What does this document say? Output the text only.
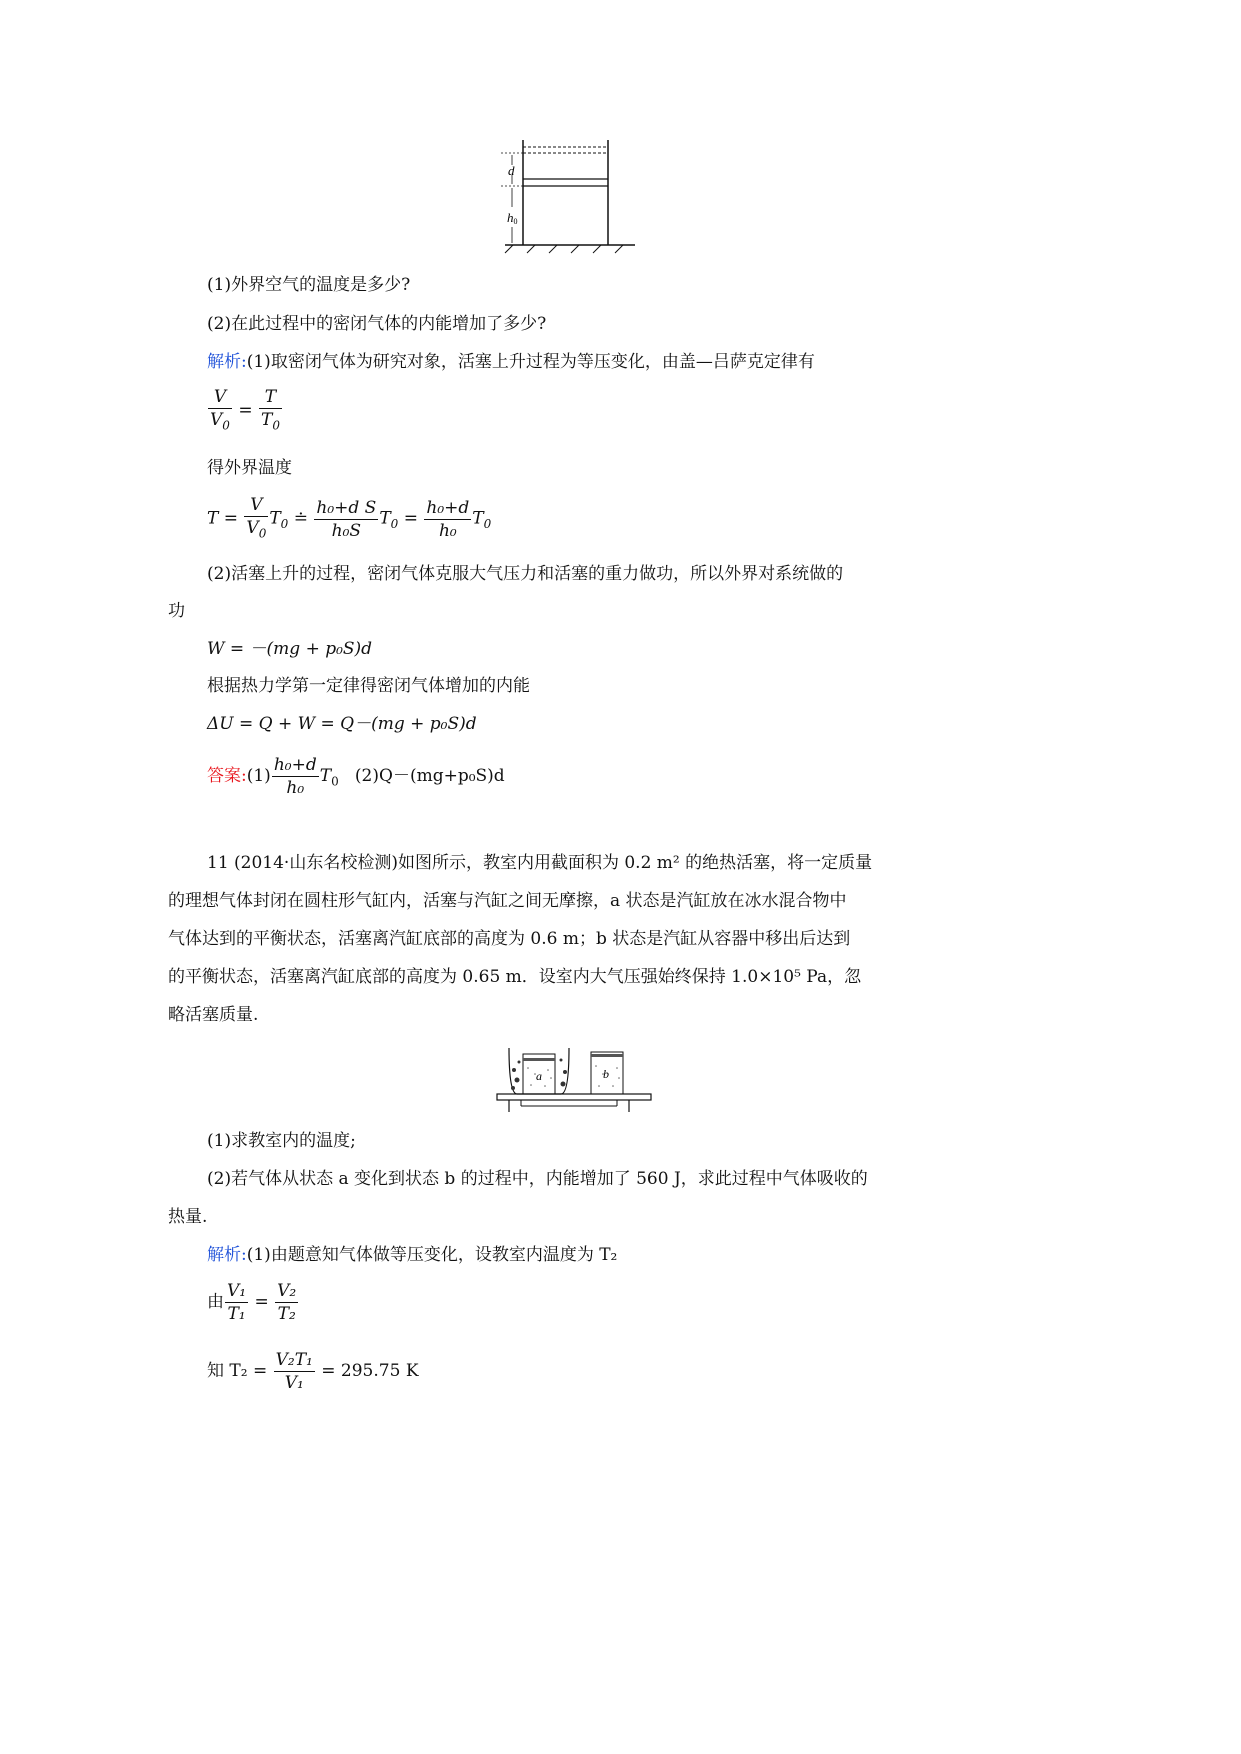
d
h0
(1)外界空气的温度是多少?
(2)在此过程中的密闭气体的内能增加了多少?
解析:(1)取密闭气体为研究对象，活塞上升过程为等压变化，由盖—吕萨克定律有
$\frac{V}{V_0} = \frac{T}{T_0}$
得外界温度
$T = \frac{V}{V_0} T_0$ ≐ $\frac{\text{h₀+d S}}{\text{h₀S}} T_0 = \frac{\text{h₀+d}}{\text{h₀}} T_0$
(2)活塞上升的过程，密闭气体克服大气压力和活塞的重力做功，所以外界对系统做的
功
W = －(mg + p₀S)d
根据热力学第一定律得密闭气体增加的内能
ΔU = Q + W = Q－(mg + p₀S)d
答案:(1) $\frac{\text{h₀+d}}{\text{h₀}} T_0$ (2)Q－(mg+p₀S)d
11 (2014·山东名校检测)如图所示，教室内用截面积为 0.2 m² 的绝热活塞，将一定质量
的理想气体封闭在圆柱形气缸内，活塞与汽缸之间无摩擦，a 状态是汽缸放在冰水混合物中
气体达到的平衡状态，活塞离汽缸底部的高度为 0.6 m；b 状态是汽缸从容器中移出后达到
的平衡状态，活塞离汽缸底部的高度为 0.65 m．设室内大气压强始终保持 1.0×10⁵ Pa，忽
略活塞质量.
a	b
(1)求教室内的温度;
(2)若气体从状态 a 变化到状态 b 的过程中，内能增加了 560 J，求此过程中气体吸收的
热量.
解析:(1)由题意知气体做等压变化，设教室内温度为 T₂
由 $\frac{\text{V₁}}{\text{T₁}} = \frac{\text{V₂}}{\text{T₂}}$
知 $T_2 = \frac{\text{V₂T₁}}{\text{V₁}} = 295.75$ K
